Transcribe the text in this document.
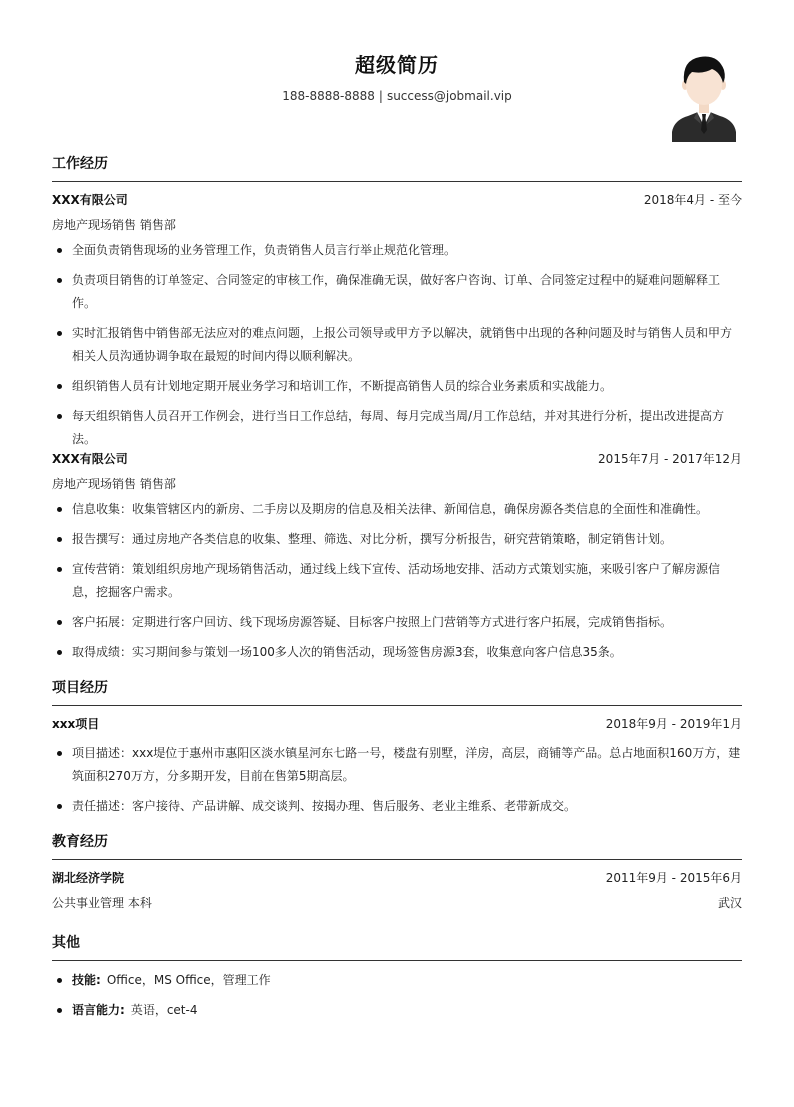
超级简历
188-8888-8888 | success@jobmail.vip
工作经历
XXX有限公司	2018年4月 - 至今
房地产现场销售 销售部
全面负责销售现场的业务管理工作，负责销售人员言行举止规范化管理。
负责项目销售的订单签定、合同签定的审核工作，确保准确无误，做好客户咨询、订单、合同签定过程中的疑难问题解释工作。
实时汇报销售中销售部无法应对的难点问题，上报公司领导或甲方予以解决，就销售中出现的各种问题及时与销售人员和甲方相关人员沟通协调争取在最短的时间内得以顺利解决。
组织销售人员有计划地定期开展业务学习和培训工作，不断提高销售人员的综合业务素质和实战能力。
每天组织销售人员召开工作例会，进行当日工作总结，每周、每月完成当周/月工作总结，并对其进行分析，提出改进提高方法。
XXX有限公司	2015年7月 - 2017年12月
房地产现场销售 销售部
信息收集：收集管辖区内的新房、二手房以及期房的信息及相关法律、新闻信息，确保房源各类信息的全面性和准确性。
报告撰写：通过房地产各类信息的收集、整理、筛选、对比分析，撰写分析报告，研究营销策略，制定销售计划。
宣传营销：策划组织房地产现场销售活动，通过线上线下宣传、活动场地安排、活动方式策划实施，来吸引客户了解房源信息，挖掘客户需求。
客户拓展：定期进行客户回访、线下现场房源答疑、目标客户按照上门营销等方式进行客户拓展，完成销售指标。
取得成绩：实习期间参与策划一场100多人次的销售活动，现场签售房源3套，收集意向客户信息35条。
项目经历
xxx项目	2018年9月 - 2019年1月
项目描述：xxx堤位于惠州市惠阳区淡水镇星河东七路一号，楼盘有别墅，洋房，高层，商铺等产品。总占地面积160万方，建筑面积270万方，分多期开发，目前在售第5期高层。
责任描述：客户接待、产品讲解、成交谈判、按揭办理、售后服务、老业主维系、老带新成交。
教育经历
湖北经济学院	2011年9月 - 2015年6月
公共事业管理 本科	武汉
其他
技能: Office，MS Office，管理工作
语言能力: 英语，cet-4
